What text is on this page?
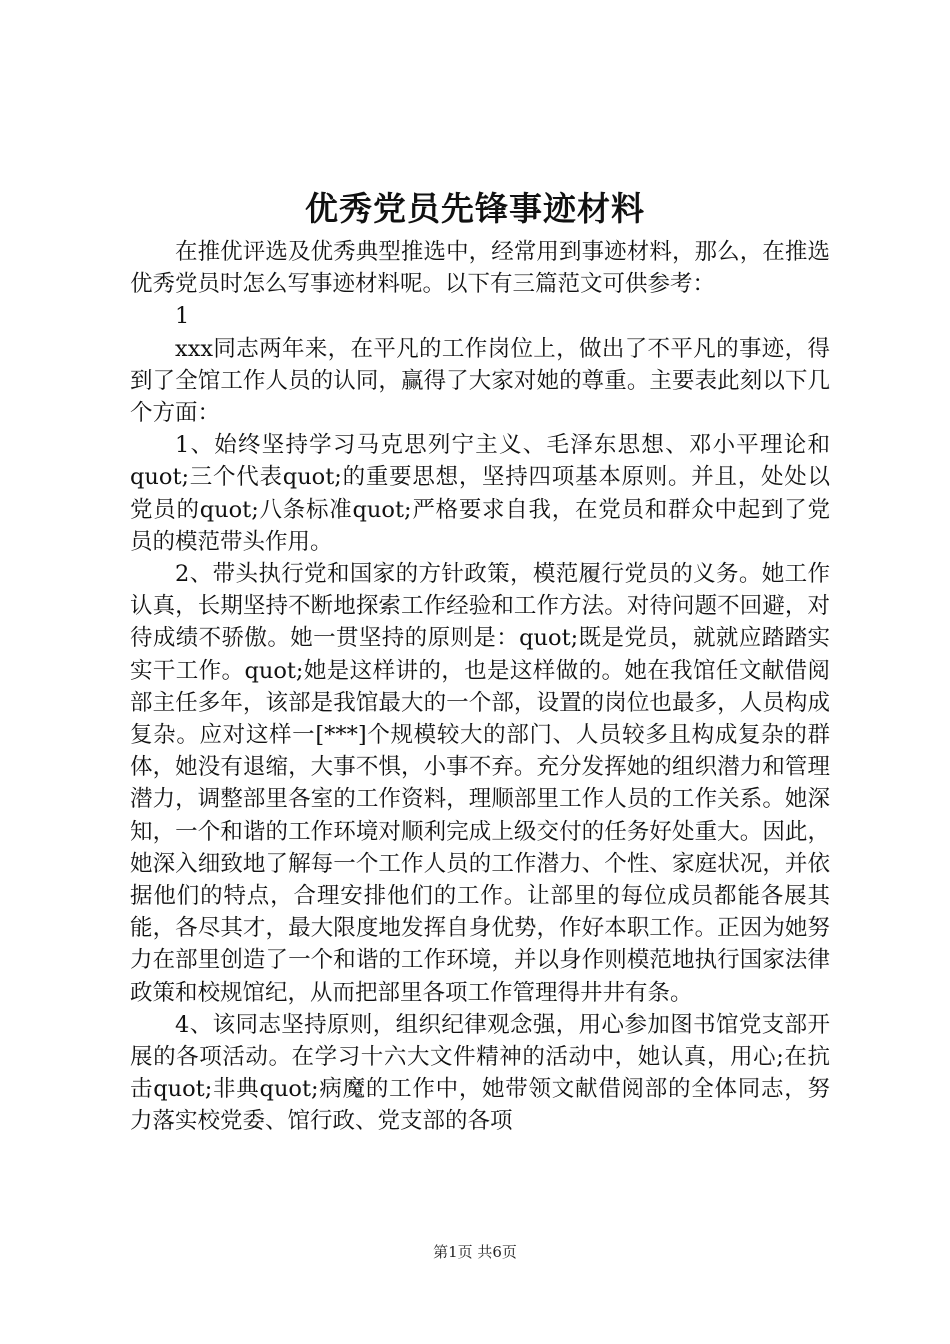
优秀党员先锋事迹材料

在推优评选及优秀典型推选中，经常用到事迹材料，那么，在推选优秀党员时怎么写事迹材料呢。以下有三篇范文可供参考：

1

xxx同志两年来，在平凡的工作岗位上，做出了不平凡的事迹，得到了全馆工作人员的认同，赢得了大家对她的尊重。主要表此刻以下几个方面：

1、始终坚持学习马克思列宁主义、毛泽东思想、邓小平理论和quot;三个代表quot;的重要思想，坚持四项基本原则。并且，处处以党员的quot;八条标准quot;严格要求自我，在党员和群众中起到了党员的模范带头作用。

2、带头执行党和国家的方针政策，模范履行党员的义务。她工作认真，长期坚持不断地探索工作经验和工作方法。对待问题不回避，对待成绩不骄傲。她一贯坚持的原则是：quot;既是党员，就就应踏踏实实干工作。quot;她是这样讲的，也是这样做的。她在我馆任文献借阅部主任多年，该部是我馆最大的一个部，设置的岗位也最多，人员构成复杂。应对这样一[***]个规模较大的部门、人员较多且构成复杂的群体，她没有退缩，大事不惧，小事不弃。充分发挥她的组织潜力和管理潜力，调整部里各室的工作资料，理顺部里工作人员的工作关系。她深知，一个和谐的工作环境对顺利完成上级交付的任务好处重大。因此，她深入细致地了解每一个工作人员的工作潜力、个性、家庭状况，并依据他们的特点，合理安排他们的工作。让部里的每位成员都能各展其能，各尽其才，最大限度地发挥自身优势，作好本职工作。正因为她努力在部里创造了一个和谐的工作环境，并以身作则模范地执行国家法律政策和校规馆纪，从而把部里各项工作管理得井井有条。

4、该同志坚持原则，组织纪律观念强，用心参加图书馆党支部开展的各项活动。在学习十六大文件精神的活动中，她认真，用心;在抗击quot;非典quot;病魔的工作中，她带领文献借阅部的全体同志，努力落实校党委、馆行政、党支部的各项

第1页 共6页
